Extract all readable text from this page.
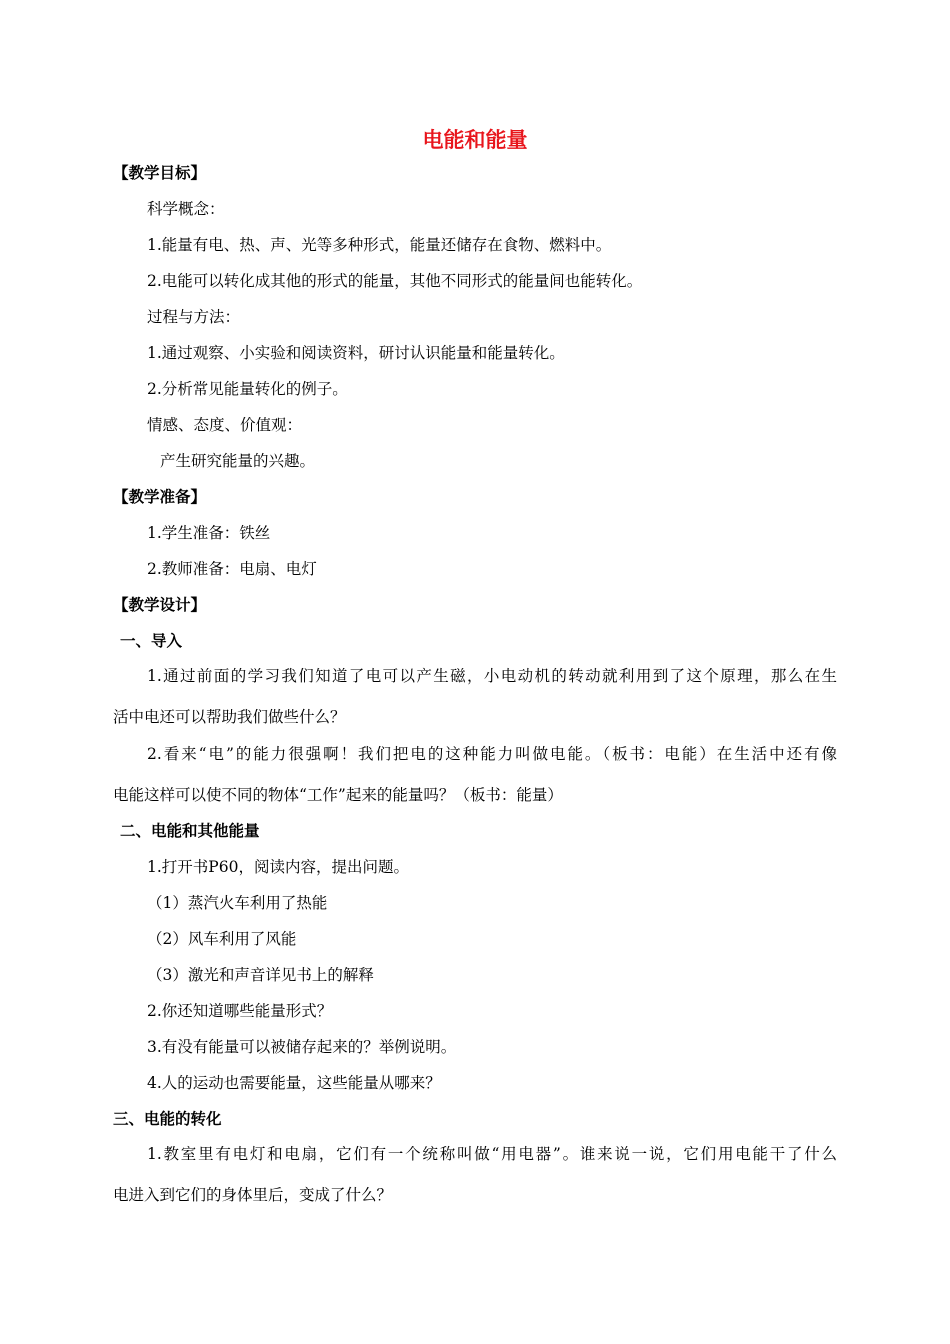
电能和能量
【教学目标】
科学概念：
1.能量有电、热、声、光等多种形式，能量还储存在食物、燃料中。
2.电能可以转化成其他的形式的能量，其他不同形式的能量间也能转化。
过程与方法：
1.通过观察、小实验和阅读资料，研讨认识能量和能量转化。
2.分析常见能量转化的例子。
情感、态度、价值观：
产生研究能量的兴趣。
【教学准备】
1.学生准备：铁丝
2.教师准备：电扇、电灯
【教学设计】
一、导入
1.通过前面的学习我们知道了电可以产生磁，小电动机的转动就利用到了这个原理，那么在生
活中电还可以帮助我们做些什么？
2.看来“电”的能力很强啊！我们把电的这种能力叫做电能。（板书：电能）在生活中还有像
电能这样可以使不同的物体“工作”起来的能量吗？（板书：能量）
二、电能和其他能量
1.打开书P60，阅读内容，提出问题。
（1）蒸汽火车利用了热能
（2）风车利用了风能
（3）激光和声音详见书上的解释
2.你还知道哪些能量形式？
3.有没有能量可以被储存起来的？举例说明。
4.人的运动也需要能量，这些能量从哪来？
三、电能的转化
1.教室里有电灯和电扇，它们有一个统称叫做“用电器”。谁来说一说，它们用电能干了什么
电进入到它们的身体里后，变成了什么？
